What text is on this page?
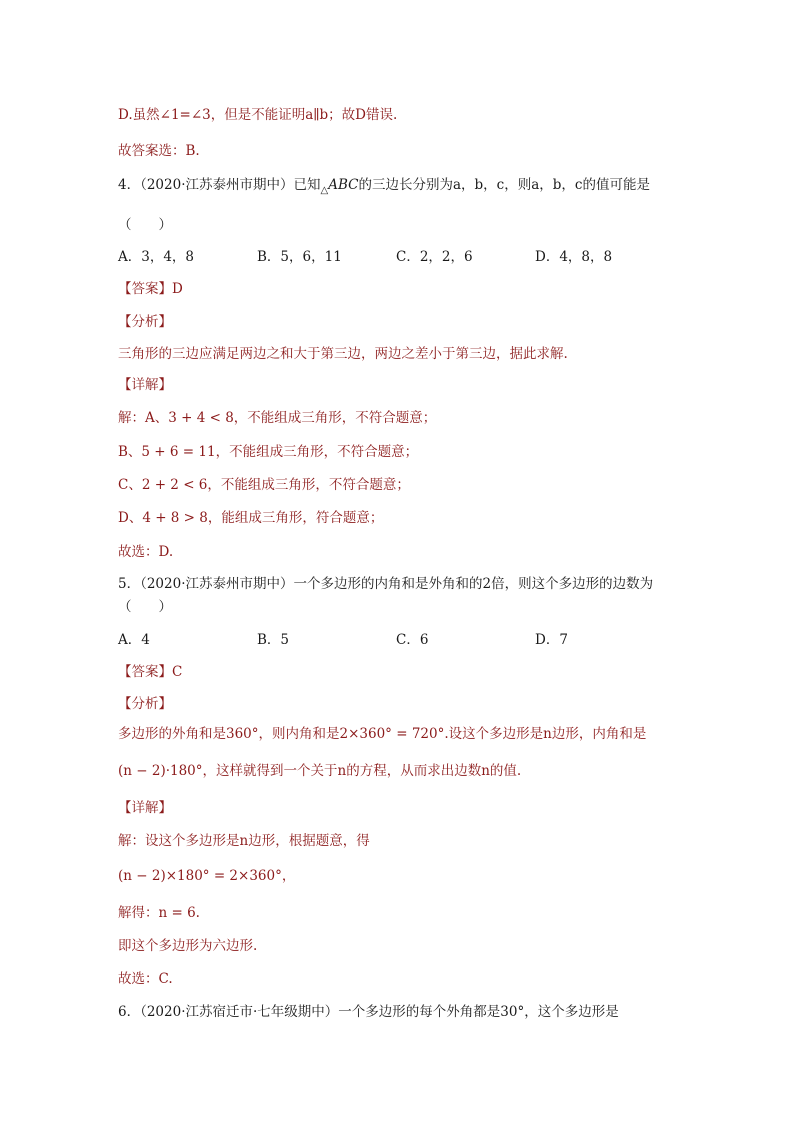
D.虽然∠1=∠3，但是不能证明a∥b；故D错误.
故答案选：B.
4．（2020·江苏泰州市期中）已知$_\triangle$ABC的三边长分别为a，b，c，则a，b，c的值可能是
（　　）
A．3，4，8	B．5，6，11	C．2，2，6	D．4，8，8
【答案】D
【分析】
三角形的三边应满足两边之和大于第三边，两边之差小于第三边，据此求解.
【详解】
解：A、3 + 4 < 8，不能组成三角形，不符合题意；
B、5 + 6 = 11，不能组成三角形，不符合题意；
C、2 + 2 < 6，不能组成三角形，不符合题意；
D、4 + 8 > 8，能组成三角形，符合题意；
故选：D.
5．（2020·江苏泰州市期中）一个多边形的内角和是外角和的2倍，则这个多边形的边数为
（　　）
A．4	B．5	C．6	D．7
【答案】C
【分析】
多边形的外角和是360°，则内角和是2×360° = 720°.设这个多边形是n边形，内角和是
(n − 2)·180°，这样就得到一个关于n的方程，从而求出边数n的值.
【详解】
解：设这个多边形是n边形，根据题意，得
(n − 2)×180° = 2×360°，
解得：n = 6.
即这个多边形为六边形.
故选：C.
6．（2020·江苏宿迁市·七年级期中）一个多边形的每个外角都是30°，这个多边形是
